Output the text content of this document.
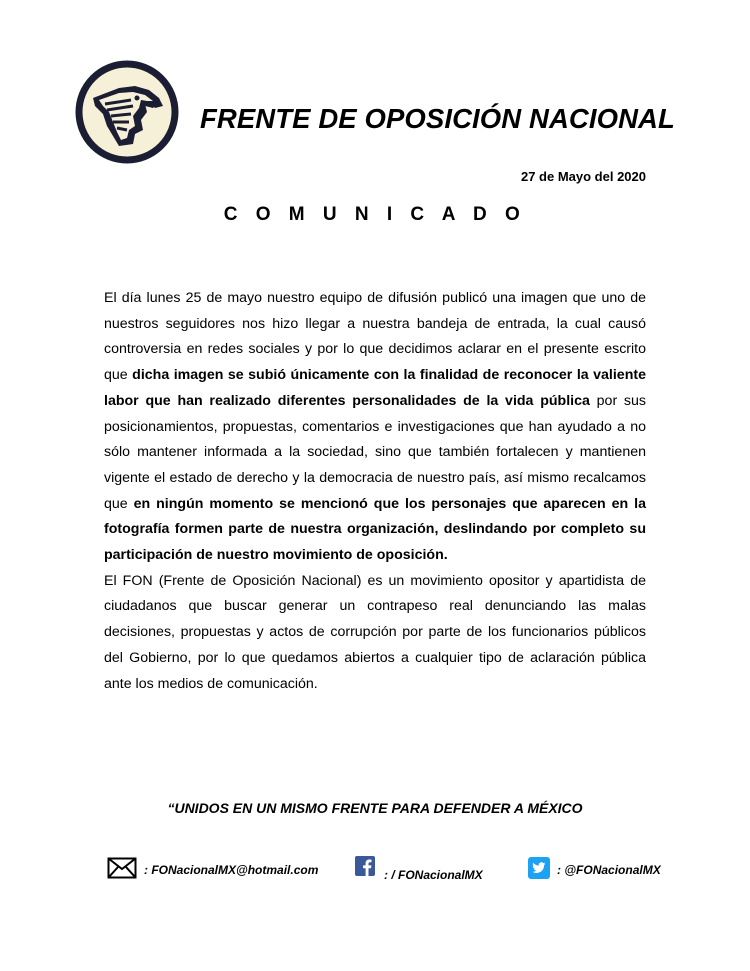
FRENTE DE OPOSICIÓN NACIONAL
27 de Mayo del 2020
C O M U N I C A D O

El día lunes 25 de mayo nuestro equipo de difusión publicó una imagen que uno de nuestros seguidores nos hizo llegar a nuestra bandeja de entrada, la cual causó controversia en redes sociales y por lo que decidimos aclarar en el presente escrito que dicha imagen se subió únicamente con la finalidad de reconocer la valiente labor que han realizado diferentes personalidades de la vida pública por sus posicionamientos, propuestas, comentarios e investigaciones que han ayudado a no sólo mantener informada a la sociedad, sino que también fortalecen y mantienen vigente el estado de derecho y la democracia de nuestro país, así mismo recalcamos que en ningún momento se mencionó que los personajes que aparecen en la fotografía formen parte de nuestra organización, deslindando por completo su participación de nuestro movimiento de oposición.

El FON (Frente de Oposición Nacional) es un movimiento opositor y apartidista de ciudadanos que buscar generar un contrapeso real denunciando las malas decisiones, propuestas y actos de corrupción por parte de los funcionarios públicos del Gobierno, por lo que quedamos abiertos a cualquier tipo de aclaración pública ante los medios de comunicación.

“UNIDOS EN UN MISMO FRENTE PARA DEFENDER A MÉXICO
: FONacionalMX@hotmail.com	: / FONacionalMX	: @FONacionalMX
